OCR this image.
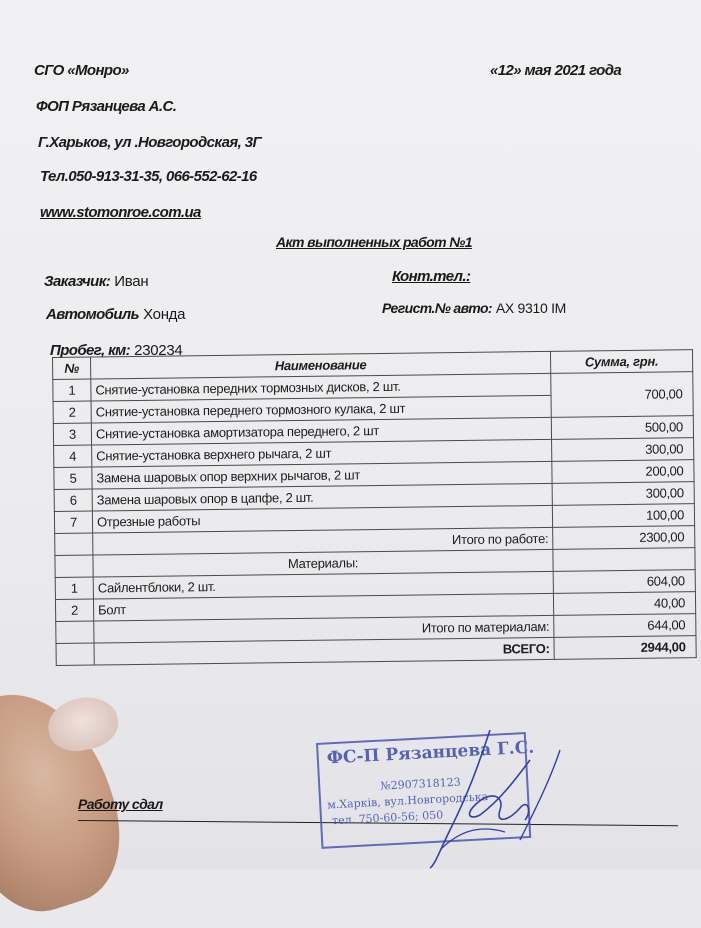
СГО «Монро»	«12» мая 2021 года
ФОП Рязанцева А.С.
Г.Харьков, ул .Новгородская, 3Г
Тел.050-913-31-35, 066-552-62-16
www.stomonroe.com.ua
Акт выполненных работ №1
Заказчик: Иван	Конт.тел.:
Автомобиль Хонда	Регист.№ авто: AX 9310 IM
Пробег, км: 230234
№	Наименование	Сумма, грн.
1	Снятие-установка передних тормозных дисков, 2 шт.	700,00
2	Снятие-установка переднего тормозного кулака, 2 шт	
3	Снятие-установка амортизатора переднего, 2 шт	500,00
4	Снятие-установка верхнего рычага, 2 шт	300,00
5	Замена шаровых опор верхних рычагов, 2 шт	200,00
6	Замена шаровых опор в цапфе, 2 шт.	300,00
7	Отрезные работы	100,00
	Итого по работе:	2300,00
	Материалы:	
1	Сайлентблоки, 2 шт.	604,00
2	Болт	40,00
	Итого по материалам:	644,00
	ВСЕГО:	2944,00
Работу сдал
ФС-П Рязанцева Г.С.
№2907318123
м.Харків, вул.Новгородська
тел. 750-60-56; 050
